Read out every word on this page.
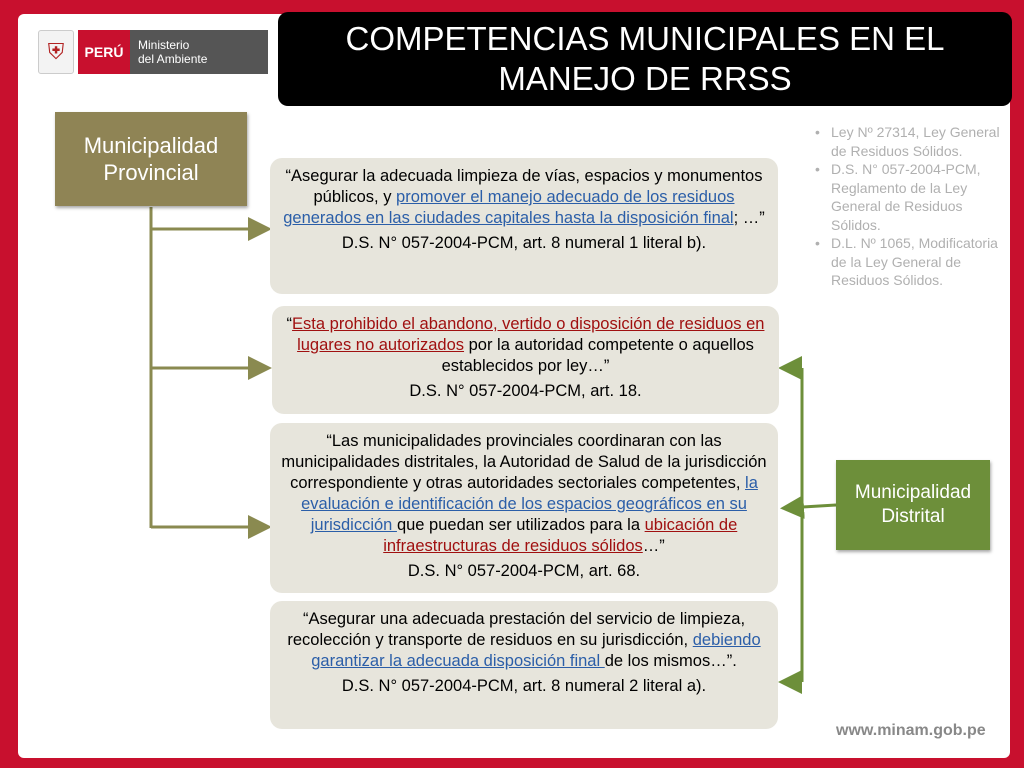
⛨	PERÚ	Ministerio
del Ambiente
COMPETENCIAS MUNICIPALES EN EL MANEJO DE RRSS
Municipalidad Provincial
Municipalidad Distrital
“Asegurar la adecuada limpieza de vías, espacios y monumentos públicos, y promover el manejo adecuado de los residuos generados en las ciudades capitales hasta la disposición final; …”
D.S. N° 057-2004-PCM, art. 8 numeral 1 literal b).
“Esta prohibido el abandono, vertido o disposición de residuos en lugares no autorizados por la autoridad competente o aquellos establecidos por ley…”
D.S. N° 057-2004-PCM, art. 18.
“Las municipalidades provinciales coordinaran con las municipalidades distritales, la Autoridad de Salud de la jurisdicción correspondiente y otras autoridades sectoriales competentes, la evaluación e identificación de los espacios geográficos en su jurisdicción que puedan ser utilizados para la ubicación de infraestructuras de residuos sólidos…”
D.S. N° 057-2004-PCM, art. 68.
“Asegurar una adecuada prestación del servicio de limpieza, recolección y transporte de residuos en su jurisdicción, debiendo garantizar la adecuada disposición final de los mismos…”.
D.S. N° 057-2004-PCM, art. 8 numeral 2 literal a).
• Ley Nº 27314, Ley General de Residuos Sólidos.
• D.S. N° 057-2004-PCM, Reglamento de la Ley General de Residuos Sólidos.
• D.L. Nº 1065, Modificatoria de la Ley General de Residuos Sólidos.
www.minam.gob.pe
